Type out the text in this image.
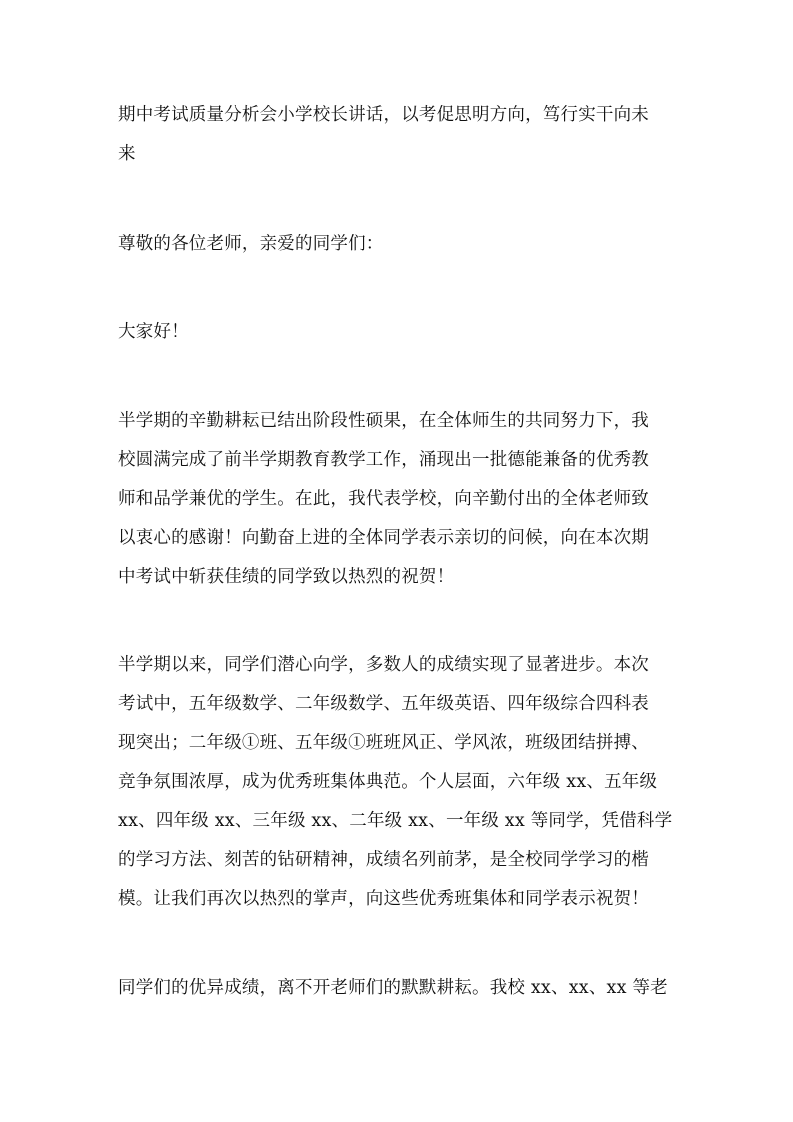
期中考试质量分析会小学校长讲话，以考促思明方向，笃行实干向未
来
尊敬的各位老师，亲爱的同学们：
大家好！
半学期的辛勤耕耘已结出阶段性硕果，在全体师生的共同努力下，我
校圆满完成了前半学期教育教学工作，涌现出一批德能兼备的优秀教
师和品学兼优的学生。在此，我代表学校，向辛勤付出的全体老师致
以衷心的感谢！向勤奋上进的全体同学表示亲切的问候，向在本次期
中考试中斩获佳绩的同学致以热烈的祝贺！
半学期以来，同学们潜心向学，多数人的成绩实现了显著进步。本次
考试中，五年级数学、二年级数学、五年级英语、四年级综合四科表
现突出；二年级①班、五年级①班班风正、学风浓，班级团结拼搏、
竞争氛围浓厚，成为优秀班集体典范。个人层面，六年级 xx、五年级
xx、四年级 xx、三年级 xx、二年级 xx、一年级 xx 等同学，凭借科学
的学习方法、刻苦的钻研精神，成绩名列前茅，是全校同学学习的楷
模。让我们再次以热烈的掌声，向这些优秀班集体和同学表示祝贺！
同学们的优异成绩，离不开老师们的默默耕耘。我校 xx、xx、xx 等老
